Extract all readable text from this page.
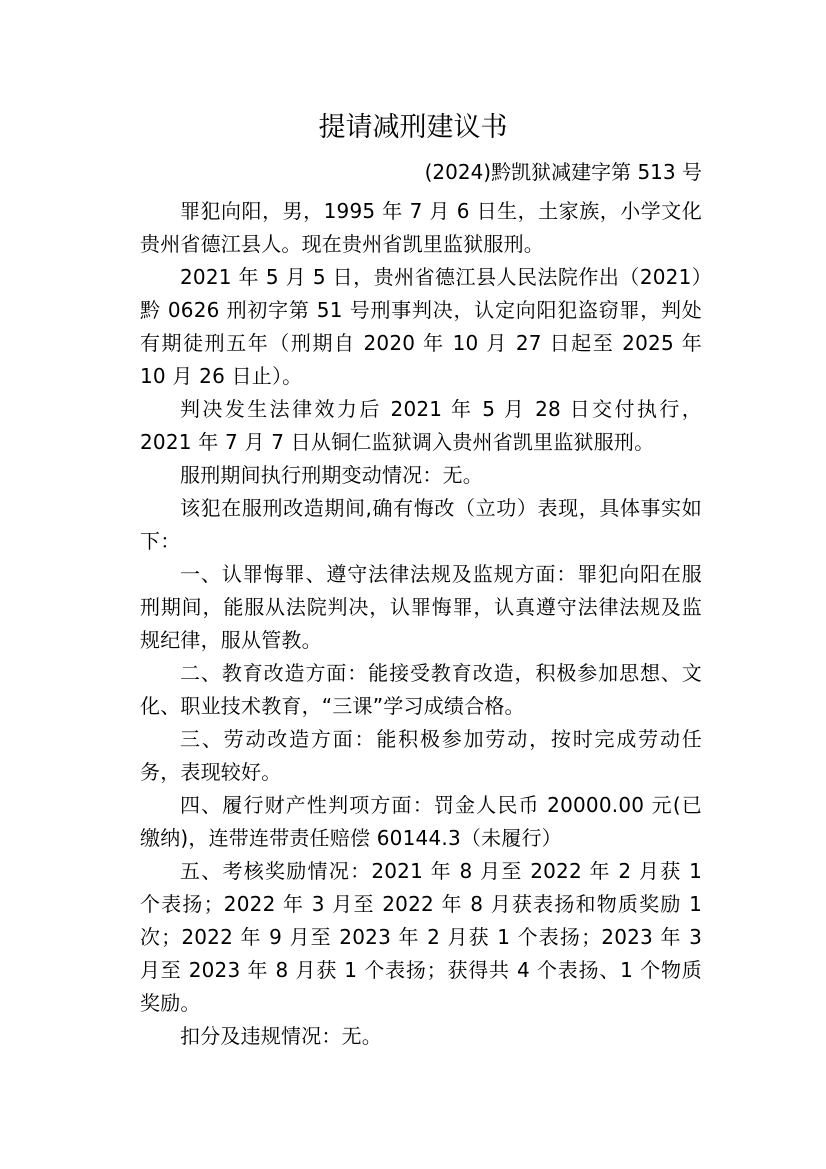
提请减刑建议书
(2024)黔凯狱减建字第 513 号

罪犯向阳，男，1995 年 7 月 6 日生，土家族，小学文化贵州省德江县人。现在贵州省凯里监狱服刑。

2021 年 5 月 5 日，贵州省德江县人民法院作出（2021）黔 0626 刑初字第 51 号刑事判决，认定向阳犯盗窃罪，判处有期徒刑五年（刑期自 2020 年 10 月 27 日起至 2025 年 10 月 26 日止）。

判决发生法律效力后 2021 年 5 月 28 日交付执行，2021 年 7 月 7 日从铜仁监狱调入贵州省凯里监狱服刑。

服刑期间执行刑期变动情况：无。

该犯在服刑改造期间,确有悔改（立功）表现，具体事实如下：

一、认罪悔罪、遵守法律法规及监规方面：罪犯向阳在服刑期间，能服从法院判决，认罪悔罪，认真遵守法律法规及监规纪律，服从管教。

二、教育改造方面：能接受教育改造，积极参加思想、文化、职业技术教育，“三课”学习成绩合格。

三、劳动改造方面：能积极参加劳动，按时完成劳动任务，表现较好。

四、履行财产性判项方面：罚金人民币 20000.00 元(已缴纳)，连带连带责任赔偿 60144.3（未履行）

五、考核奖励情况：2021 年 8 月至 2022 年 2 月获 1 个表扬；2022 年 3 月至 2022 年 8 月获表扬和物质奖励 1 次；2022 年 9 月至 2023 年 2 月获 1 个表扬；2023 年 3 月至 2023 年 8 月获 1 个表扬；获得共 4 个表扬、1 个物质奖励。

扣分及违规情况：无。
